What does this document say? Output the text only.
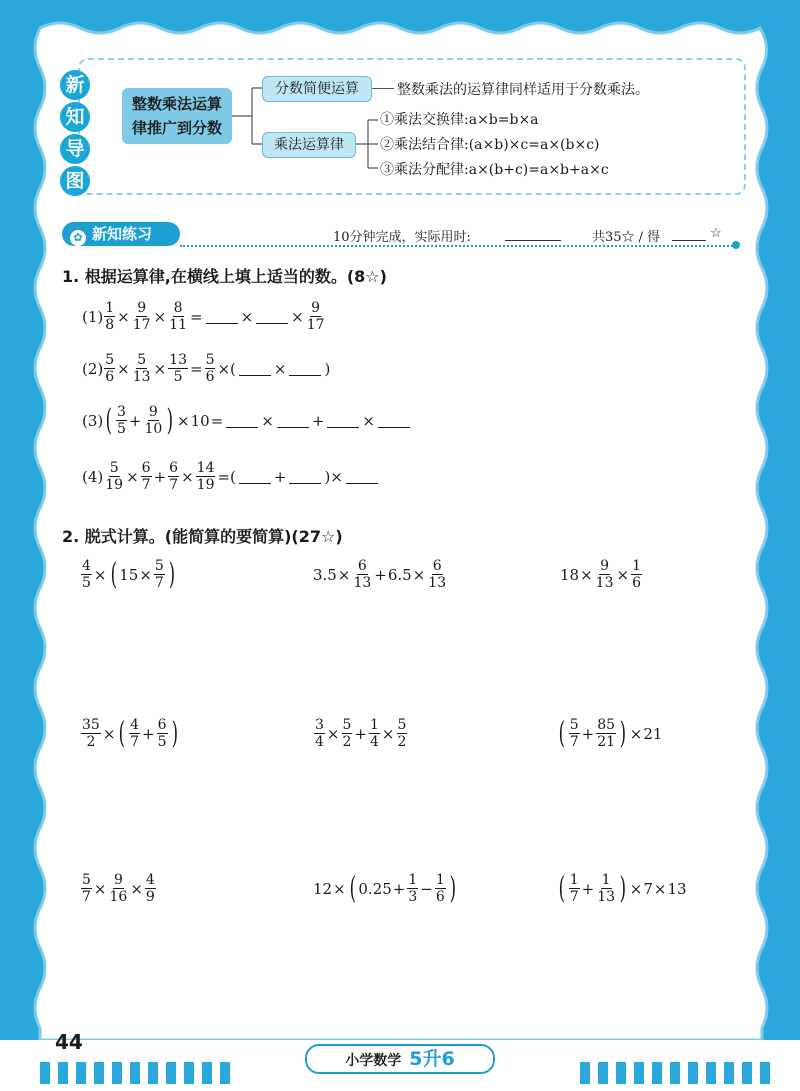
新
知
导
图
整数乘法运算
律推广到分数
分数简便运算	整数乘法的运算律同样适用于分数乘法。
乘法运算律
①乘法交换律:a×b=b×a
②乘法结合律:(a×b)×c=a×(b×c)
③乘法分配律:a×(b+c)=a×b+a×c
✿ 新知练习	10分钟完成，实际用时:	共35☆ / 得	☆
1. 根据运算律,在横线上填上适当的数。(8☆)
$(1) \frac{1}{8} \times \frac{9}{17} \times \frac{8}{11}$ =	×	× $\frac{9}{17}$
$(2) \frac{5}{6} \times \frac{5}{13} \times \frac{13}{5} = \frac{5}{6}$ ×(	×	)
(3) ( $\frac{3}{5} + \frac{9}{10}$ ) × 10 =	×	+	×
$(4) \frac{5}{19} \times \frac{6}{7} + \frac{6}{7} \times \frac{14}{19}$ =(	+	)×
2. 脱式计算。(能简算的要简算)(27☆)
$\frac{4}{5}$ × ( $15 \times \frac{5}{7}$ )	$3.5 \times \frac{6}{13} + 6.5 \times \frac{6}{13}$	$18 \times \frac{9}{13} \times \frac{1}{6}$
$\frac{35}{2}$ × ( $\frac{4}{7} + \frac{6}{5}$ )	$\frac{3}{4} \times \frac{5}{2} + \frac{1}{4} \times \frac{5}{2}$	( $\frac{5}{7} + \frac{85}{21}$ ) × 21
$\frac{5}{7} \times \frac{9}{16} \times \frac{4}{9}$	12 × ( $0.25 + \frac{1}{3} - \frac{1}{6}$ )	( $\frac{1}{7} + \frac{1}{13}$ ) × 7 × 13
44
小学数学 5升6
